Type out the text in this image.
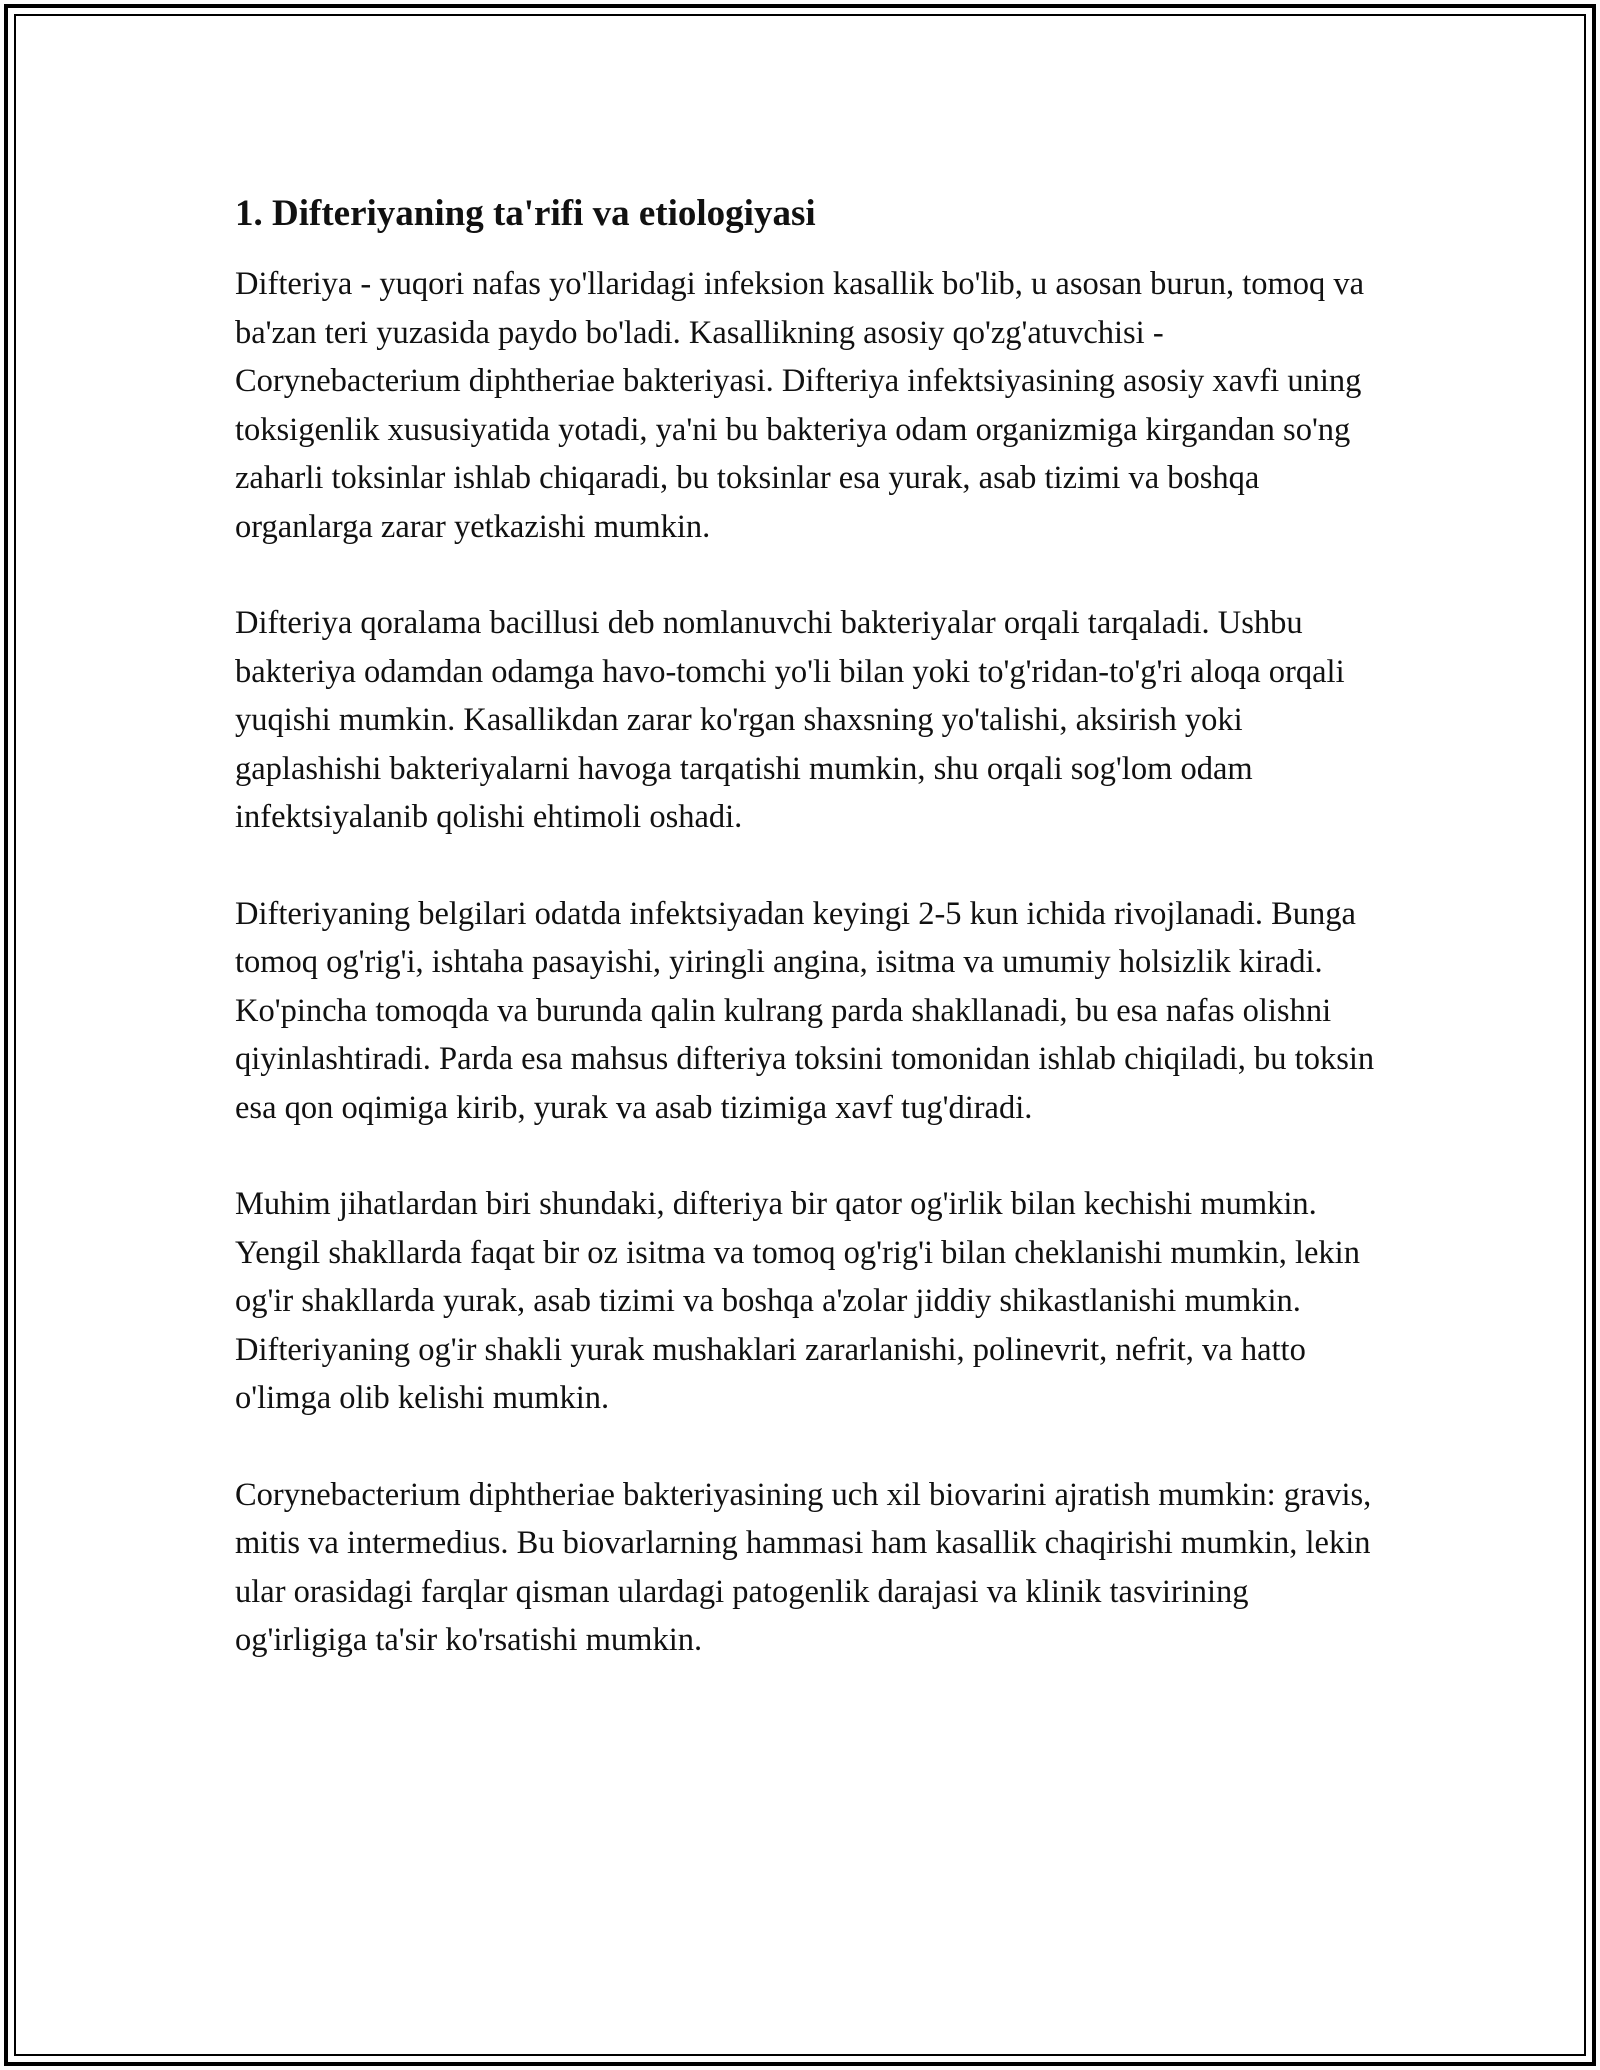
1. Difteriyaning ta'rifi va etiologiyasi

Difteriya - yuqori nafas yo'llaridagi infeksion kasallik bo'lib, u asosan burun, tomoq va ba'zan teri yuzasida paydo bo'ladi. Kasallikning asosiy qo'zg'atuvchisi - Corynebacterium diphtheriae bakteriyasi. Difteriya infektsiyasining asosiy xavfi uning toksigenlik xususiyatida yotadi, ya'ni bu bakteriya odam organizmiga kirgandan so'ng zaharli toksinlar ishlab chiqaradi, bu toksinlar esa yurak, asab tizimi va boshqa organlarga zarar yetkazishi mumkin.

Difteriya qoralama bacillusi deb nomlanuvchi bakteriyalar orqali tarqaladi. Ushbu bakteriya odamdan odamga havo-tomchi yo'li bilan yoki to'g'ridan-to'g'ri aloqa orqali yuqishi mumkin. Kasallikdan zarar ko'rgan shaxsning yo'talishi, aksirish yoki gaplashishi bakteriyalarni havoga tarqatishi mumkin, shu orqali sog'lom odam infektsiyalanib qolishi ehtimoli oshadi.

Difteriyaning belgilari odatda infektsiyadan keyingi 2-5 kun ichida rivojlanadi. Bunga tomoq og'rig'i, ishtaha pasayishi, yiringli angina, isitma va umumiy holsizlik kiradi. Ko'pincha tomoqda va burunda qalin kulrang parda shakllanadi, bu esa nafas olishni qiyinlashtiradi. Parda esa mahsus difteriya toksini tomonidan ishlab chiqiladi, bu toksin esa qon oqimiga kirib, yurak va asab tizimiga xavf tug'diradi.

Muhim jihatlardan biri shundaki, difteriya bir qator og'irlik bilan kechishi mumkin. Yengil shakllarda faqat bir oz isitma va tomoq og'rig'i bilan cheklanishi mumkin, lekin og'ir shakllarda yurak, asab tizimi va boshqa a'zolar jiddiy shikastlanishi mumkin. Difteriyaning og'ir shakli yurak mushaklari zararlanishi, polinevrit, nefrit, va hatto o'limga olib kelishi mumkin.

Corynebacterium diphtheriae bakteriyasining uch xil biovarini ajratish mumkin: gravis, mitis va intermedius. Bu biovarlarning hammasi ham kasallik chaqirishi mumkin, lekin ular orasidagi farqlar qisman ulardagi patogenlik darajasi va klinik tasvirining og'irligiga ta'sir ko'rsatishi mumkin.
